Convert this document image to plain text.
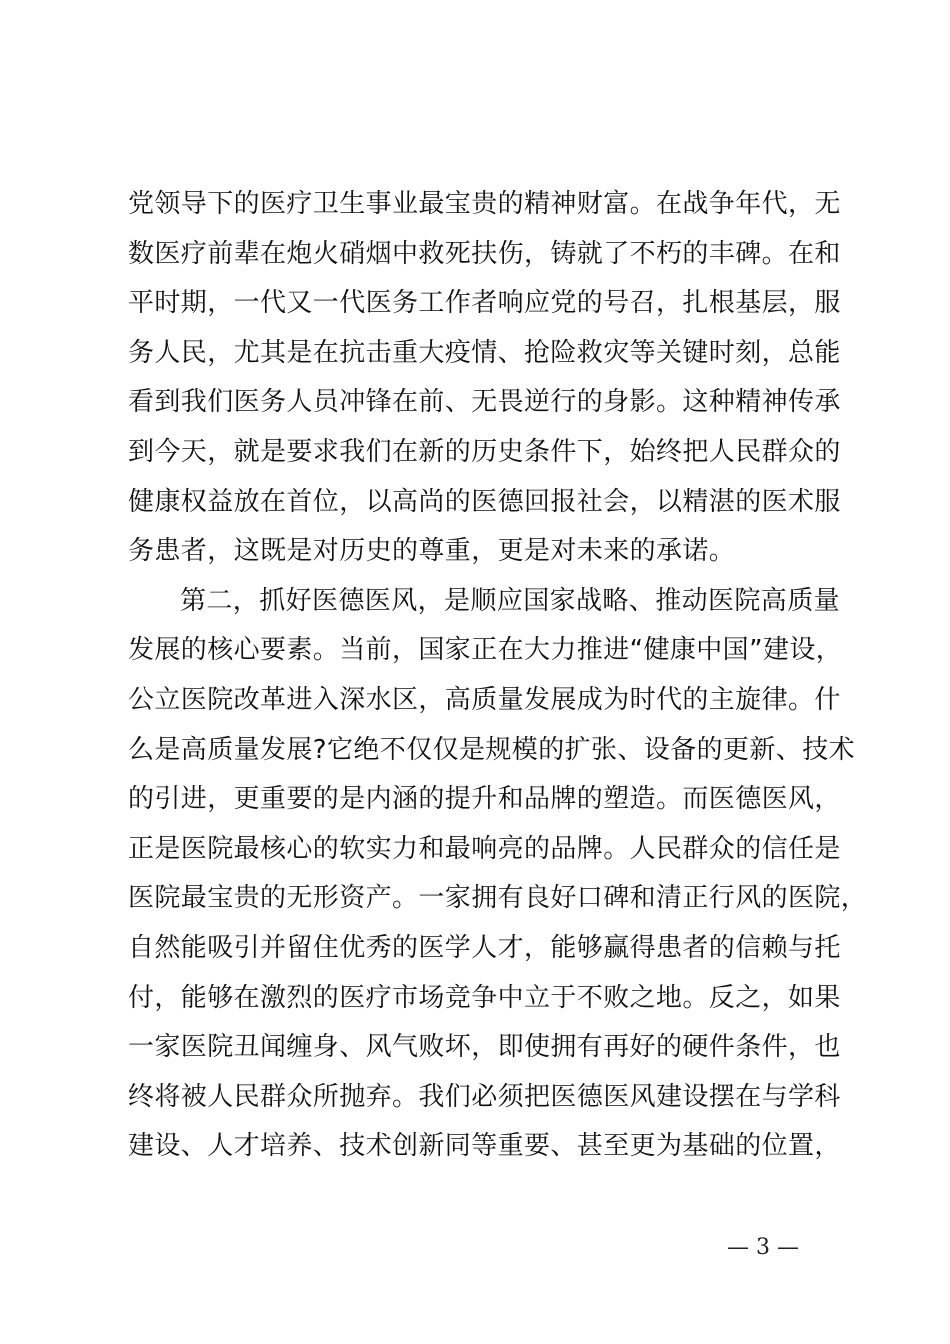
党领导下的医疗卫生事业最宝贵的精神财富。在战争年代，无
数医疗前辈在炮火硝烟中救死扶伤，铸就了不朽的丰碑。在和
平时期，一代又一代医务工作者响应党的号召，扎根基层，服
务人民，尤其是在抗击重大疫情、抢险救灾等关键时刻，总能
看到我们医务人员冲锋在前、无畏逆行的身影。这种精神传承
到今天，就是要求我们在新的历史条件下，始终把人民群众的
健康权益放在首位，以高尚的医德回报社会，以精湛的医术服
务患者，这既是对历史的尊重，更是对未来的承诺。
第二，抓好医德医风，是顺应国家战略、推动医院高质量
发展的核心要素。当前，国家正在大力推进“健康中国”建设，
公立医院改革进入深水区，高质量发展成为时代的主旋律。什
么是高质量发展?它绝不仅仅是规模的扩张、设备的更新、技术
的引进，更重要的是内涵的提升和品牌的塑造。而医德医风，
正是医院最核心的软实力和最响亮的品牌。人民群众的信任是
医院最宝贵的无形资产。一家拥有良好口碑和清正行风的医院，
自然能吸引并留住优秀的医学人才，能够赢得患者的信赖与托
付，能够在激烈的医疗市场竞争中立于不败之地。反之，如果
一家医院丑闻缠身、风气败坏，即使拥有再好的硬件条件，也
终将被人民群众所抛弃。我们必须把医德医风建设摆在与学科
建设、人才培养、技术创新同等重要、甚至更为基础的位置，
— 3 —
